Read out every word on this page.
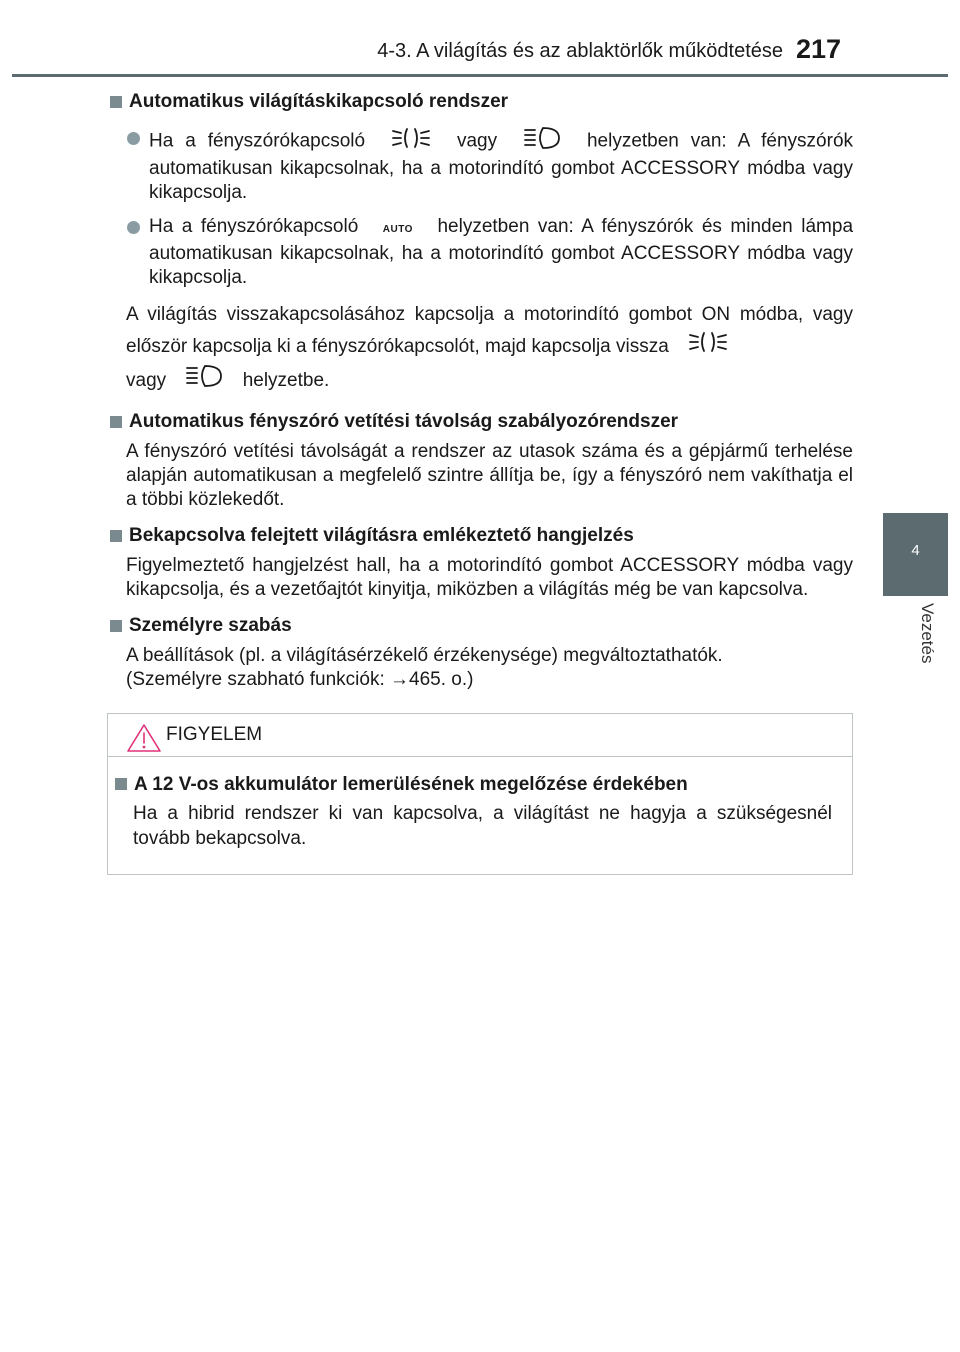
4-3. A világítás és az ablaktörlők működtetése 217
4
Vezetés
Automatikus világításkikapcsoló rendszer
Ha a fényszórókapcsoló	vagy	helyzetben van: A fényszórók automatikusan kikapcsolnak, ha a motorindító gombot ACCESSORY módba vagy kikapcsolja.
Ha a fényszórókapcsoló AUTO helyzetben van: A fényszórók és minden lámpa automatikusan kikapcsolnak, ha a motorindító gombot ACCESSORY módba vagy kikapcsolja.
A világítás visszakapcsolásához kapcsolja a motorindító gombot ON módba, vagy először kapcsolja ki a fényszórókapcsolót, majd kapcsolja vissza
vagy	helyzetbe.
Automatikus fényszóró vetítési távolság szabályozórendszer
A fényszóró vetítési távolságát a rendszer az utasok száma és a gépjármű terhelése alapján automatikusan a megfelelő szintre állítja be, így a fényszóró nem vakíthatja el a többi közlekedőt.
Bekapcsolva felejtett világításra emlékeztető hangjelzés
Figyelmeztető hangjelzést hall, ha a motorindító gombot ACCESSORY módba vagy kikapcsolja, és a vezetőajtót kinyitja, miközben a világítás még be van kapcsolva.
Személyre szabás
A beállítások (pl. a világításérzékelő érzékenysége) megváltoztathatók.
(Személyre szabható funkciók: →465. o.)
FIGYELEM
A 12 V-os akkumulátor lemerülésének megelőzése érdekében
Ha a hibrid rendszer ki van kapcsolva, a világítást ne hagyja a szükségesnél tovább bekapcsolva.
